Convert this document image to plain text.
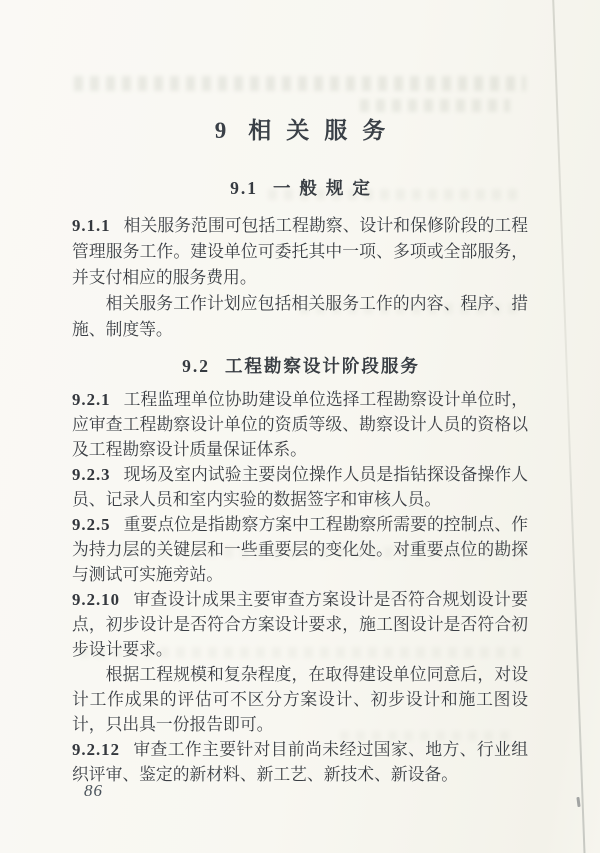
9 相关服务
9.1 一般规定

9.1.1 相关服务范围可包括工程勘察、设计和保修阶段的工程管理服务工作。建设单位可委托其中一项、多项或全部服务，并支付相应的服务费用。

相关服务工作计划应包括相关服务工作的内容、程序、措施、制度等。

9.2 工程勘察设计阶段服务

9.2.1 工程监理单位协助建设单位选择工程勘察设计单位时，应审查工程勘察设计单位的资质等级、勘察设计人员的资格以及工程勘察设计质量保证体系。

9.2.3 现场及室内试验主要岗位操作人员是指钻探设备操作人员、记录人员和室内实验的数据签字和审核人员。

9.2.5 重要点位是指勘察方案中工程勘察所需要的控制点、作为持力层的关键层和一些重要层的变化处。对重要点位的勘探与测试可实施旁站。

9.2.10 审查设计成果主要审查方案设计是否符合规划设计要点，初步设计是否符合方案设计要求，施工图设计是否符合初步设计要求。

根据工程规模和复杂程度，在取得建设单位同意后，对设计工作成果的评估可不区分方案设计、初步设计和施工图设计，只出具一份报告即可。

9.2.12 审查工作主要针对目前尚未经过国家、地方、行业组织评审、鉴定的新材料、新工艺、新技术、新设备。

86
